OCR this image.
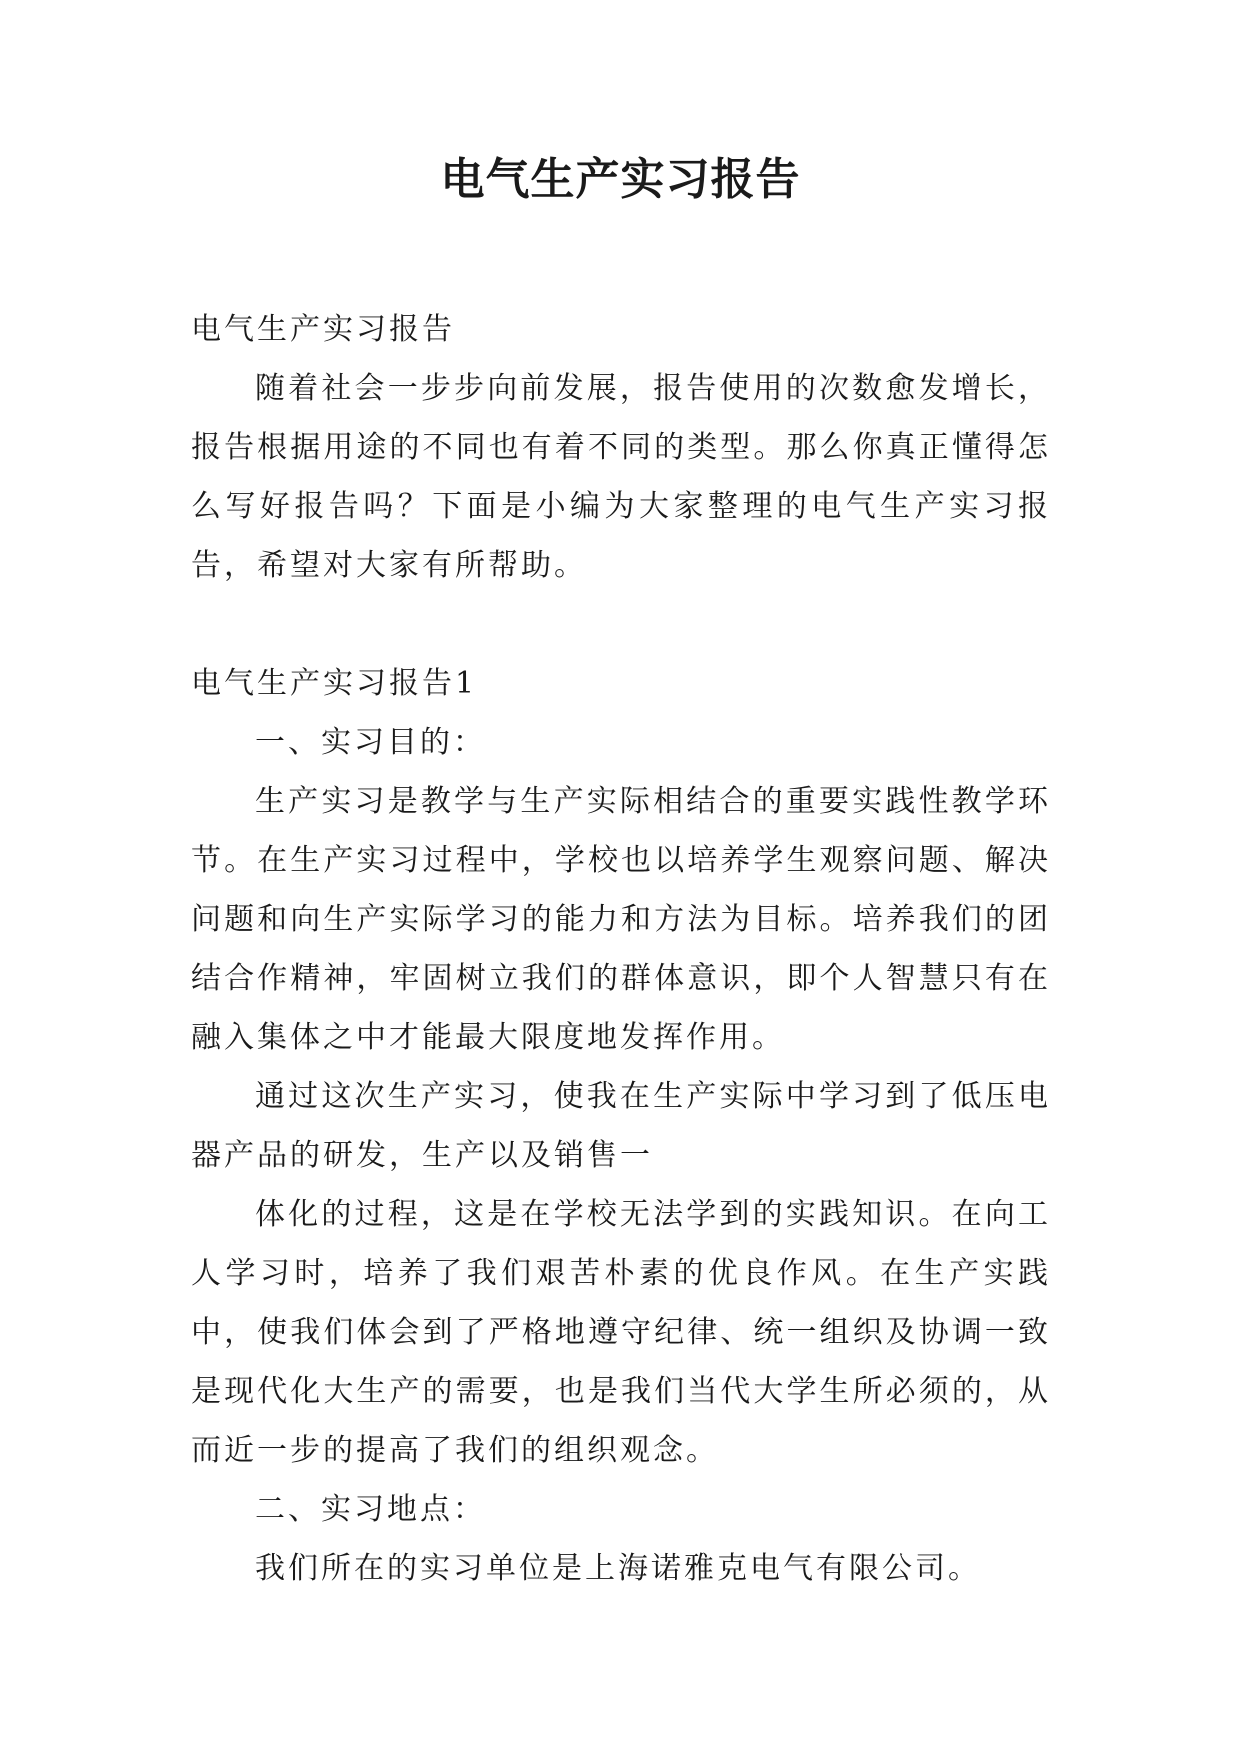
电气生产实习报告

电气生产实习报告

随着社会一步步向前发展，报告使用的次数愈发增长，报告根据用途的不同也有着不同的类型。那么你真正懂得怎么写好报告吗？下面是小编为大家整理的电气生产实习报告，希望对大家有所帮助。

电气生产实习报告1

一、实习目的：

生产实习是教学与生产实际相结合的重要实践性教学环节。在生产实习过程中，学校也以培养学生观察问题、解决问题和向生产实际学习的能力和方法为目标。培养我们的团结合作精神，牢固树立我们的群体意识，即个人智慧只有在融入集体之中才能最大限度地发挥作用。

通过这次生产实习，使我在生产实际中学习到了低压电器产品的研发，生产以及销售一

体化的过程，这是在学校无法学到的实践知识。在向工人学习时，培养了我们艰苦朴素的优良作风。在生产实践中，使我们体会到了严格地遵守纪律、统一组织及协调一致是现代化大生产的需要，也是我们当代大学生所必须的，从而近一步的提高了我们的组织观念。

二、实习地点：

我们所在的实习单位是上海诺雅克电气有限公司。
